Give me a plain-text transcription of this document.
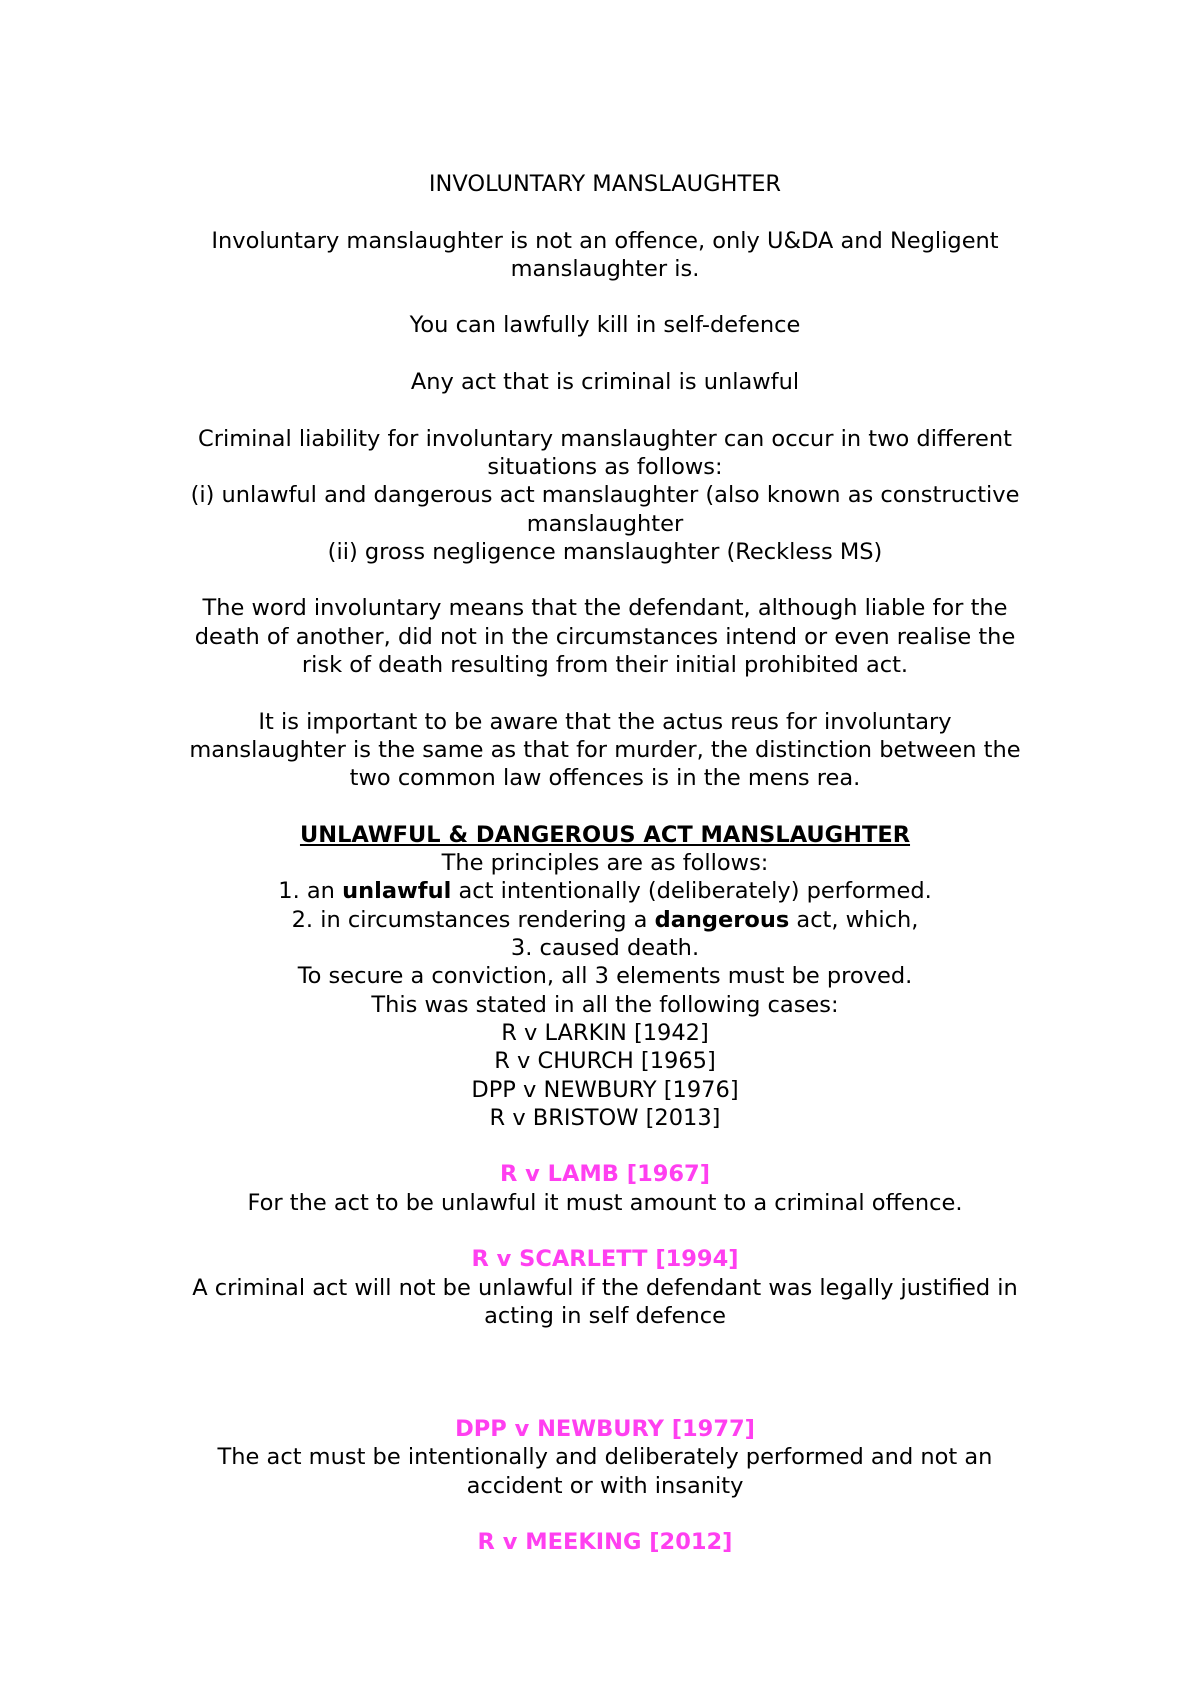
INVOLUNTARY MANSLAUGHTER

Involuntary manslaughter is not an offence, only U&DA and Negligent

manslaughter is.

You can lawfully kill in self-defence

Any act that is criminal is unlawful

Criminal liability for involuntary manslaughter can occur in two different

situations as follows:

(i) unlawful and dangerous act manslaughter (also known as constructive

manslaughter

(ii) gross negligence manslaughter (Reckless MS)

The word involuntary means that the defendant, although liable for the

death of another, did not in the circumstances intend or even realise the

risk of death resulting from their initial prohibited act.

It is important to be aware that the actus reus for involuntary

manslaughter is the same as that for murder, the distinction between the

two common law offences is in the mens rea.

UNLAWFUL & DANGEROUS ACT MANSLAUGHTER

The principles are as follows:

1. an unlawful act intentionally (deliberately) performed.

2. in circumstances rendering a dangerous act, which,

3. caused death.

To secure a conviction, all 3 elements must be proved.

This was stated in all the following cases:

R v LARKIN [1942]

R v CHURCH [1965]

DPP v NEWBURY [1976]

R v BRISTOW [2013]

R v LAMB [1967]

For the act to be unlawful it must amount to a criminal offence.

R v SCARLETT [1994]

A criminal act will not be unlawful if the defendant was legally justified in

acting in self defence

DPP v NEWBURY [1977]

The act must be intentionally and deliberately performed and not an

accident or with insanity

R v MEEKING [2012]
